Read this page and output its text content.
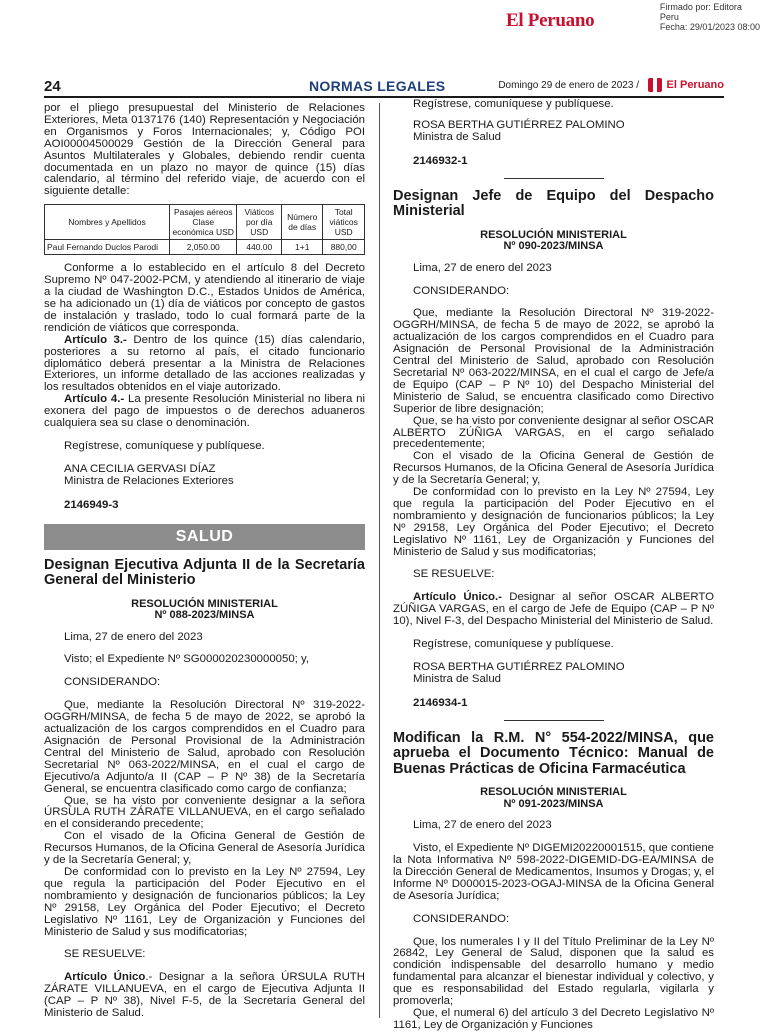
Firmado por: Editora
Peru
Fecha: 29/01/2023 08:00
El Peruano
24	NORMAS LEGALES	Domingo 29 de enero de 2023 /	El Peruano

por el pliego presupuestal del Ministerio de Relaciones Exteriores, Meta 0137176 (140) Representación y Negociación en Organismos y Foros Internacionales; y, Código POI AOI00004500029 Gestión de la Dirección General para Asuntos Multilaterales y Globales, debiendo rendir cuenta documentada en un plazo no mayor de quince (15) días calendario, al término del referido viaje, de acuerdo con el siguiente detalle:

Nombres y Apellidos	Pasajes aéreos Clase económica USD	Viáticos por día USD	Número de días	Total viáticos USD
Paul Fernando Duclos Parodi	2,050.00	440.00	1+1	880,00

Conforme a lo establecido en el artículo 8 del Decreto Supremo Nº 047-2002-PCM, y atendiendo al itinerario de viaje a la ciudad de Washington D.C., Estados Unidos de América, se ha adicionado un (1) día de viáticos por concepto de gastos de instalación y traslado, todo lo cual formará parte de la rendición de viáticos que corresponda.

Artículo 3.- Dentro de los quince (15) días calendario, posteriores a su retorno al país, el citado funcionario diplomático deberá presentar a la Ministra de Relaciones Exteriores, un informe detallado de las acciones realizadas y los resultados obtenidos en el viaje autorizado.

Artículo 4.- La presente Resolución Ministerial no libera ni exonera del pago de impuestos o de derechos aduaneros cualquiera sea su clase o denominación.

Regístrese, comuníquese y publíquese.

ANA CECILIA GERVASI DÍAZ

Ministra de Relaciones Exteriores

2146949-3

SALUD
Designan Ejecutiva Adjunta II de la Secretaría General del Ministerio

RESOLUCIÓN MINISTERIAL
Nº 088-2023/MINSA

Lima, 27 de enero del 2023

Visto; el Expediente Nº SG000020230000050; y,

CONSIDERANDO:

Que, mediante la Resolución Directoral Nº 319-2022-OGGRH/MINSA, de fecha 5 de mayo de 2022, se aprobó la actualización de los cargos comprendidos en el Cuadro para Asignación de Personal Provisional de la Administración Central del Ministerio de Salud, aprobado con Resolución Secretarial Nº 063-2022/MINSA, en el cual el cargo de Ejecutivo/a Adjunto/a II (CAP – P Nº 38) de la Secretaría General, se encuentra clasificado como cargo de confianza;

Que, se ha visto por conveniente designar a la señora ÚRSULA RUTH ZÁRATE VILLANUEVA, en el cargo señalado en el considerando precedente;

Con el visado de la Oficina General de Gestión de Recursos Humanos, de la Oficina General de Asesoría Jurídica y de la Secretaría General; y,

De conformidad con lo previsto en la Ley Nº 27594, Ley que regula la participación del Poder Ejecutivo en el nombramiento y designación de funcionarios públicos; la Ley Nº 29158, Ley Orgánica del Poder Ejecutivo; el Decreto Legislativo Nº 1161, Ley de Organización y Funciones del Ministerio de Salud y sus modificatorias;

SE RESUELVE:

Artículo Único.- Designar a la señora ÚRSULA RUTH ZÁRATE VILLANUEVA, en el cargo de Ejecutiva Adjunta II (CAP – P Nº 38), Nivel F-5, de la Secretaría General del Ministerio de Salud.

Regístrese, comuníquese y publíquese.

ROSA BERTHA GUTIÉRREZ PALOMINO

Ministra de Salud

2146932-1

Designan Jefe de Equipo del Despacho Ministerial

RESOLUCIÓN MINISTERIAL
Nº 090-2023/MINSA

Lima, 27 de enero del 2023

CONSIDERANDO:

Que, mediante la Resolución Directoral Nº 319-2022-OGGRH/MINSA, de fecha 5 de mayo de 2022, se aprobó la actualización de los cargos comprendidos en el Cuadro para Asignación de Personal Provisional de la Administración Central del Ministerio de Salud, aprobado con Resolución Secretarial Nº 063-2022/MINSA, en el cual el cargo de Jefe/a de Equipo (CAP – P Nº 10) del Despacho Ministerial del Ministerio de Salud, se encuentra clasificado como Directivo Superior de libre designación;

Que, se ha visto por conveniente designar al señor OSCAR ALBERTO ZÚÑIGA VARGAS, en el cargo señalado precedentemente;

Con el visado de la Oficina General de Gestión de Recursos Humanos, de la Oficina General de Asesoría Jurídica y de la Secretaría General; y,

De conformidad con lo previsto en la Ley Nº 27594, Ley que regula la participación del Poder Ejecutivo en el nombramiento y designación de funcionarios públicos; la Ley Nº 29158, Ley Orgánica del Poder Ejecutivo; el Decreto Legislativo Nº 1161, Ley de Organización y Funciones del Ministerio de Salud y sus modificatorias;

SE RESUELVE:

Artículo Único.- Designar al señor OSCAR ALBERTO ZÚÑIGA VARGAS, en el cargo de Jefe de Equipo (CAP – P Nº 10), Nivel F-3, del Despacho Ministerial del Ministerio de Salud.

Regístrese, comuníquese y publíquese.

ROSA BERTHA GUTIÉRREZ PALOMINO

Ministra de Salud

2146934-1

Modifican la R.M. N° 554-2022/MINSA, que aprueba el Documento Técnico: Manual de Buenas Prácticas de Oficina Farmacéutica

RESOLUCIÓN MINISTERIAL
Nº 091-2023/MINSA

Lima, 27 de enero del 2023

Visto, el Expediente Nº DIGEMI20220001515, que contiene la Nota Informativa Nº 598-2022-DIGEMID-DG-EA/MINSA de la Dirección General de Medicamentos, Insumos y Drogas; y, el Informe Nº D000015-2023-OGAJ-MINSA de la Oficina General de Asesoría Jurídica;

CONSIDERANDO:

Que, los numerales I y II del Título Preliminar de la Ley Nº 26842, Ley General de Salud, disponen que la salud es condición indispensable del desarrollo humano y medio fundamental para alcanzar el bienestar individual y colectivo, y que es responsabilidad del Estado regularla, vigilarla y promoverla;

Que, el numeral 6) del artículo 3 del Decreto Legislativo Nº 1161, Ley de Organización y Funciones
